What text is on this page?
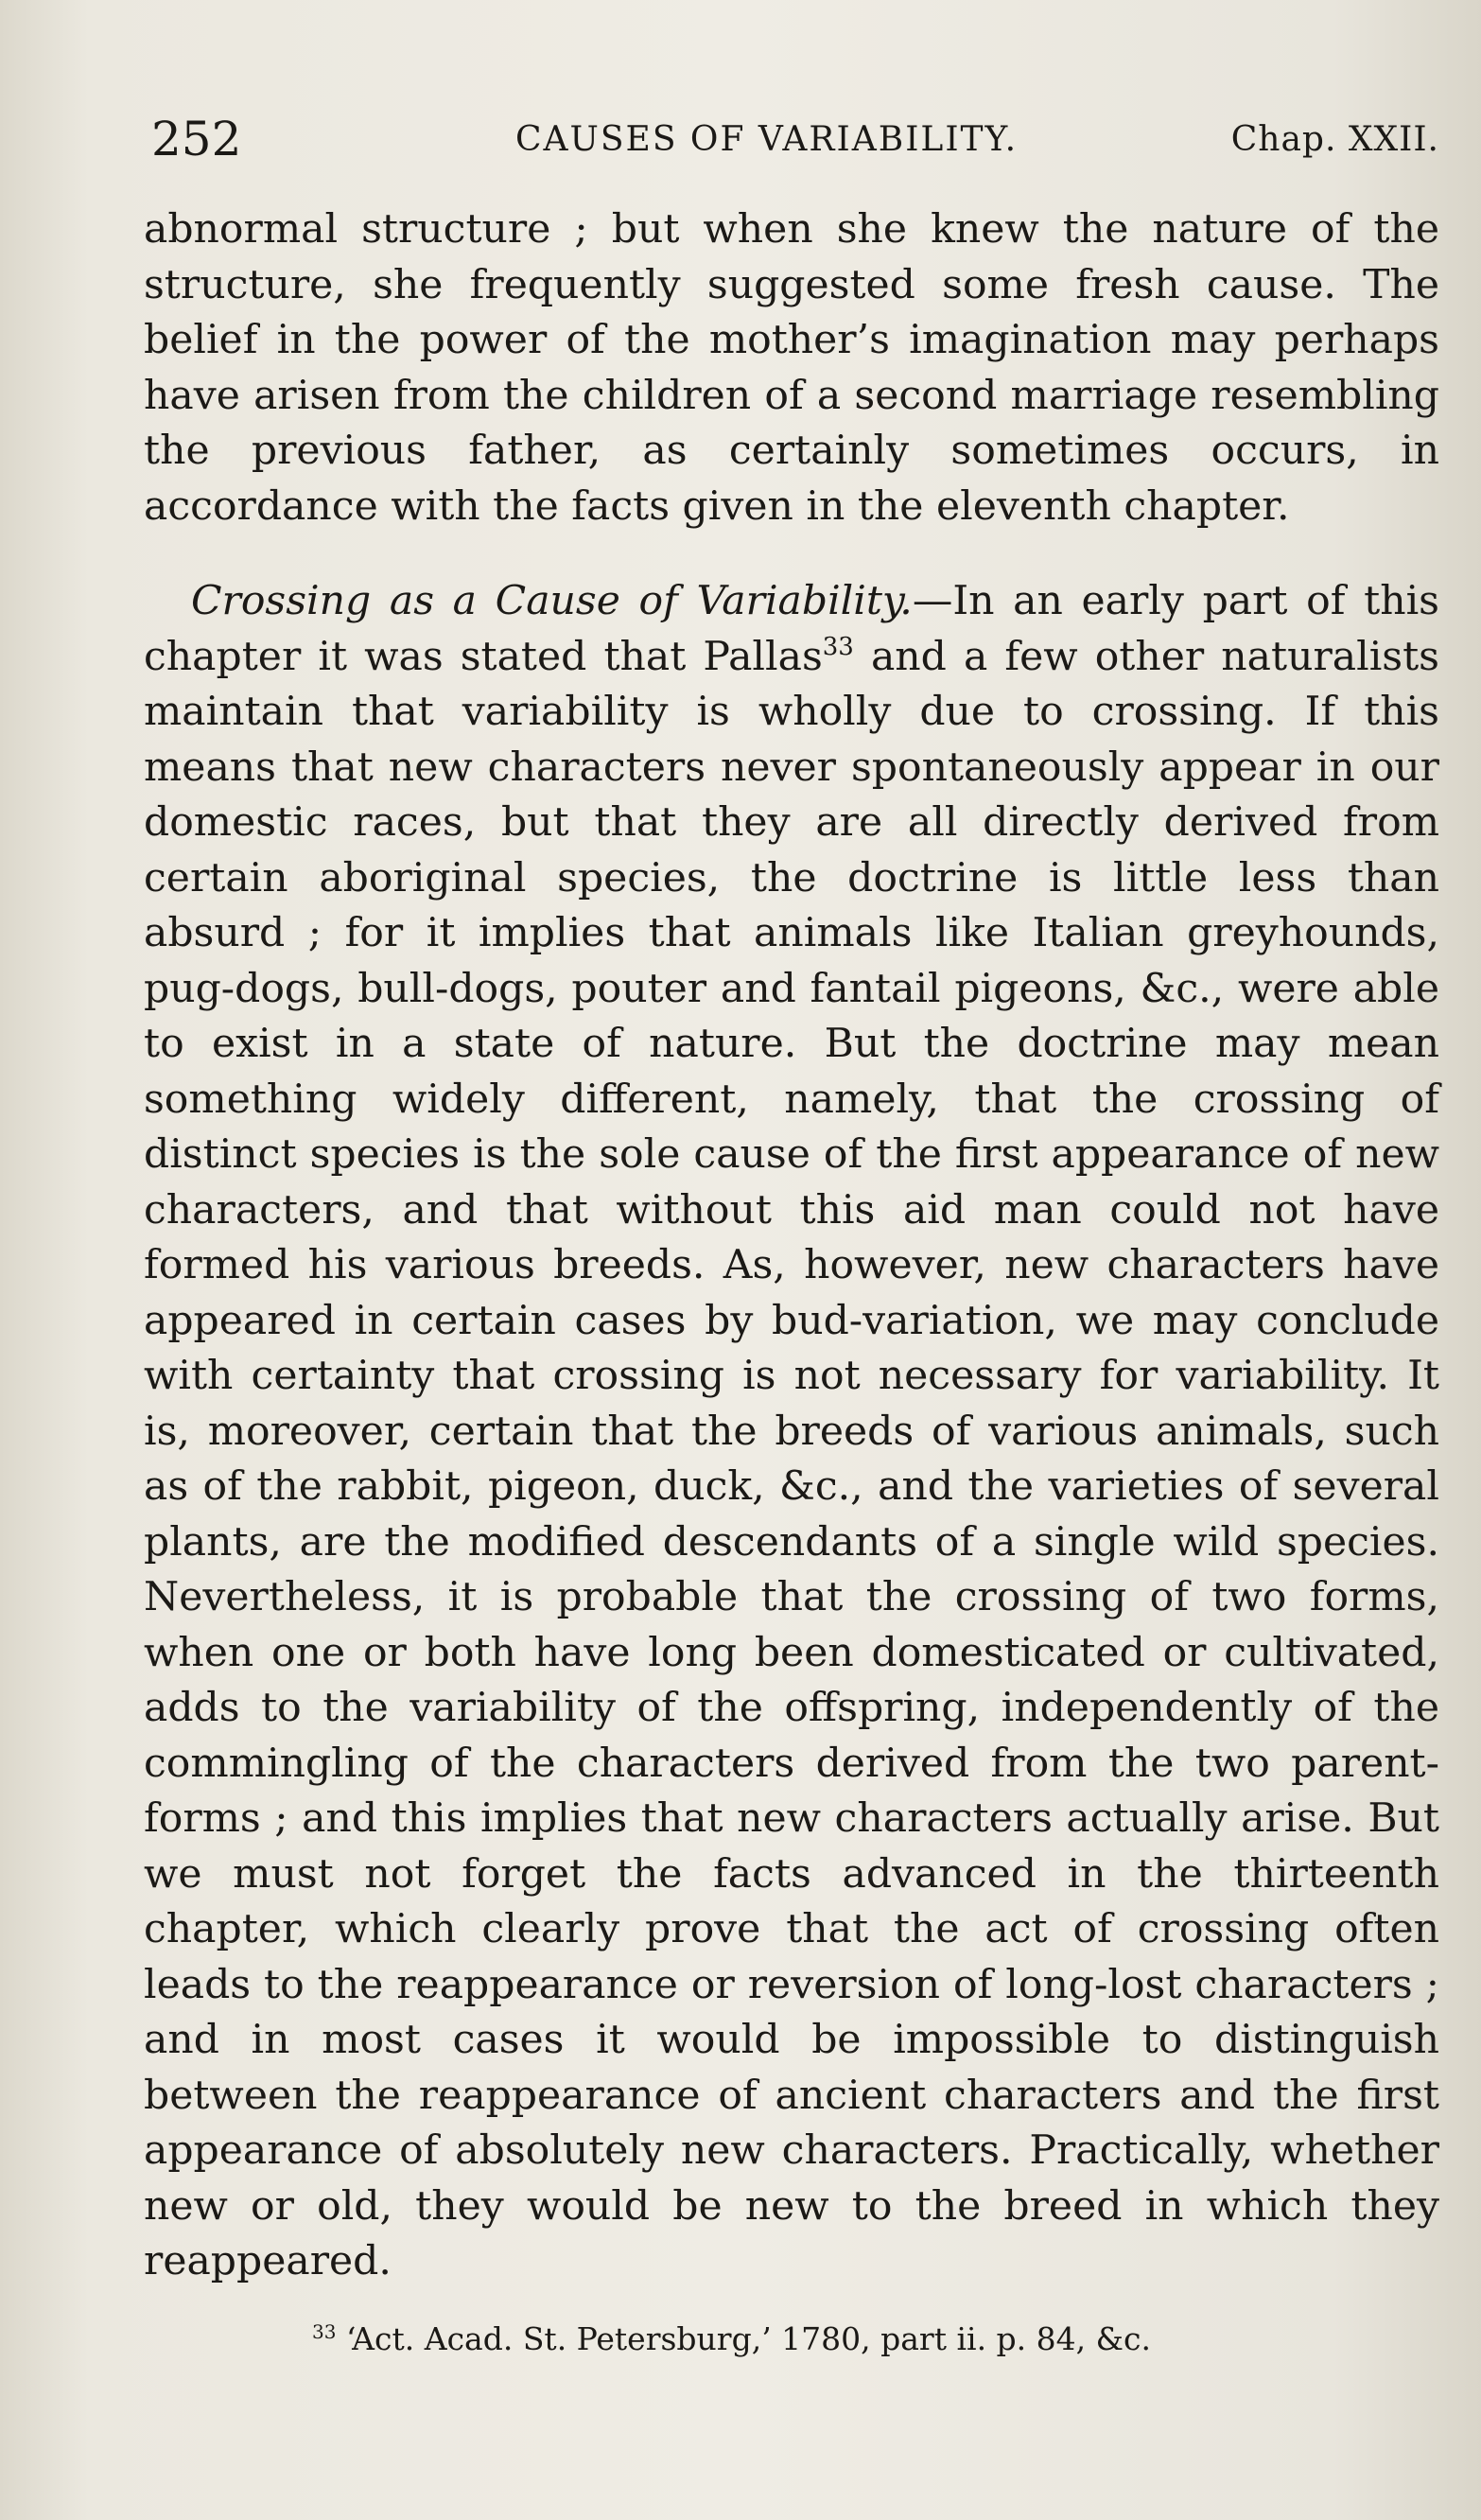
252	CAUSES OF VARIABILITY.	Chap. XXII.

abnormal structure ; but when she knew the nature of the structure, she frequently suggested some fresh cause. The belief in the power of the mother’s imagination may perhaps have arisen from the children of a second marriage resembling the previous father, as certainly sometimes occurs, in accordance with the facts given in the eleventh chapter.

Crossing as a Cause of Variability.—In an early part of this chapter it was stated that Pallas$^{33}$ and a few other naturalists maintain that variability is wholly due to crossing. If this means that new characters never spontaneously appear in our domestic races, but that they are all directly derived from certain aboriginal species, the doctrine is little less than absurd ; for it implies that animals like Italian greyhounds, pug-dogs, bull-dogs, pouter and fantail pigeons, &c., were able to exist in a state of nature. But the doctrine may mean something widely different, namely, that the crossing of distinct species is the sole cause of the first appearance of new characters, and that without this aid man could not have formed his various breeds. As, however, new characters have appeared in certain cases by bud-variation, we may conclude with certainty that crossing is not necessary for variability. It is, moreover, certain that the breeds of various animals, such as of the rabbit, pigeon, duck, &c., and the varieties of several plants, are the modified descendants of a single wild species. Nevertheless, it is probable that the crossing of two forms, when one or both have long been domesticated or cultivated, adds to the variability of the offspring, independently of the commingling of the characters derived from the two parent-forms ; and this implies that new characters actually arise. But we must not forget the facts advanced in the thirteenth chapter, which clearly prove that the act of crossing often leads to the reappearance or reversion of long-lost characters ; and in most cases it would be impossible to distinguish between the reappearance of ancient characters and the first appearance of absolutely new characters. Practically, whether new or old, they would be new to the breed in which they reappeared.

$^{33}$ ‘Act. Acad. St. Petersburg,’ 1780, part ii. p. 84, &c.
